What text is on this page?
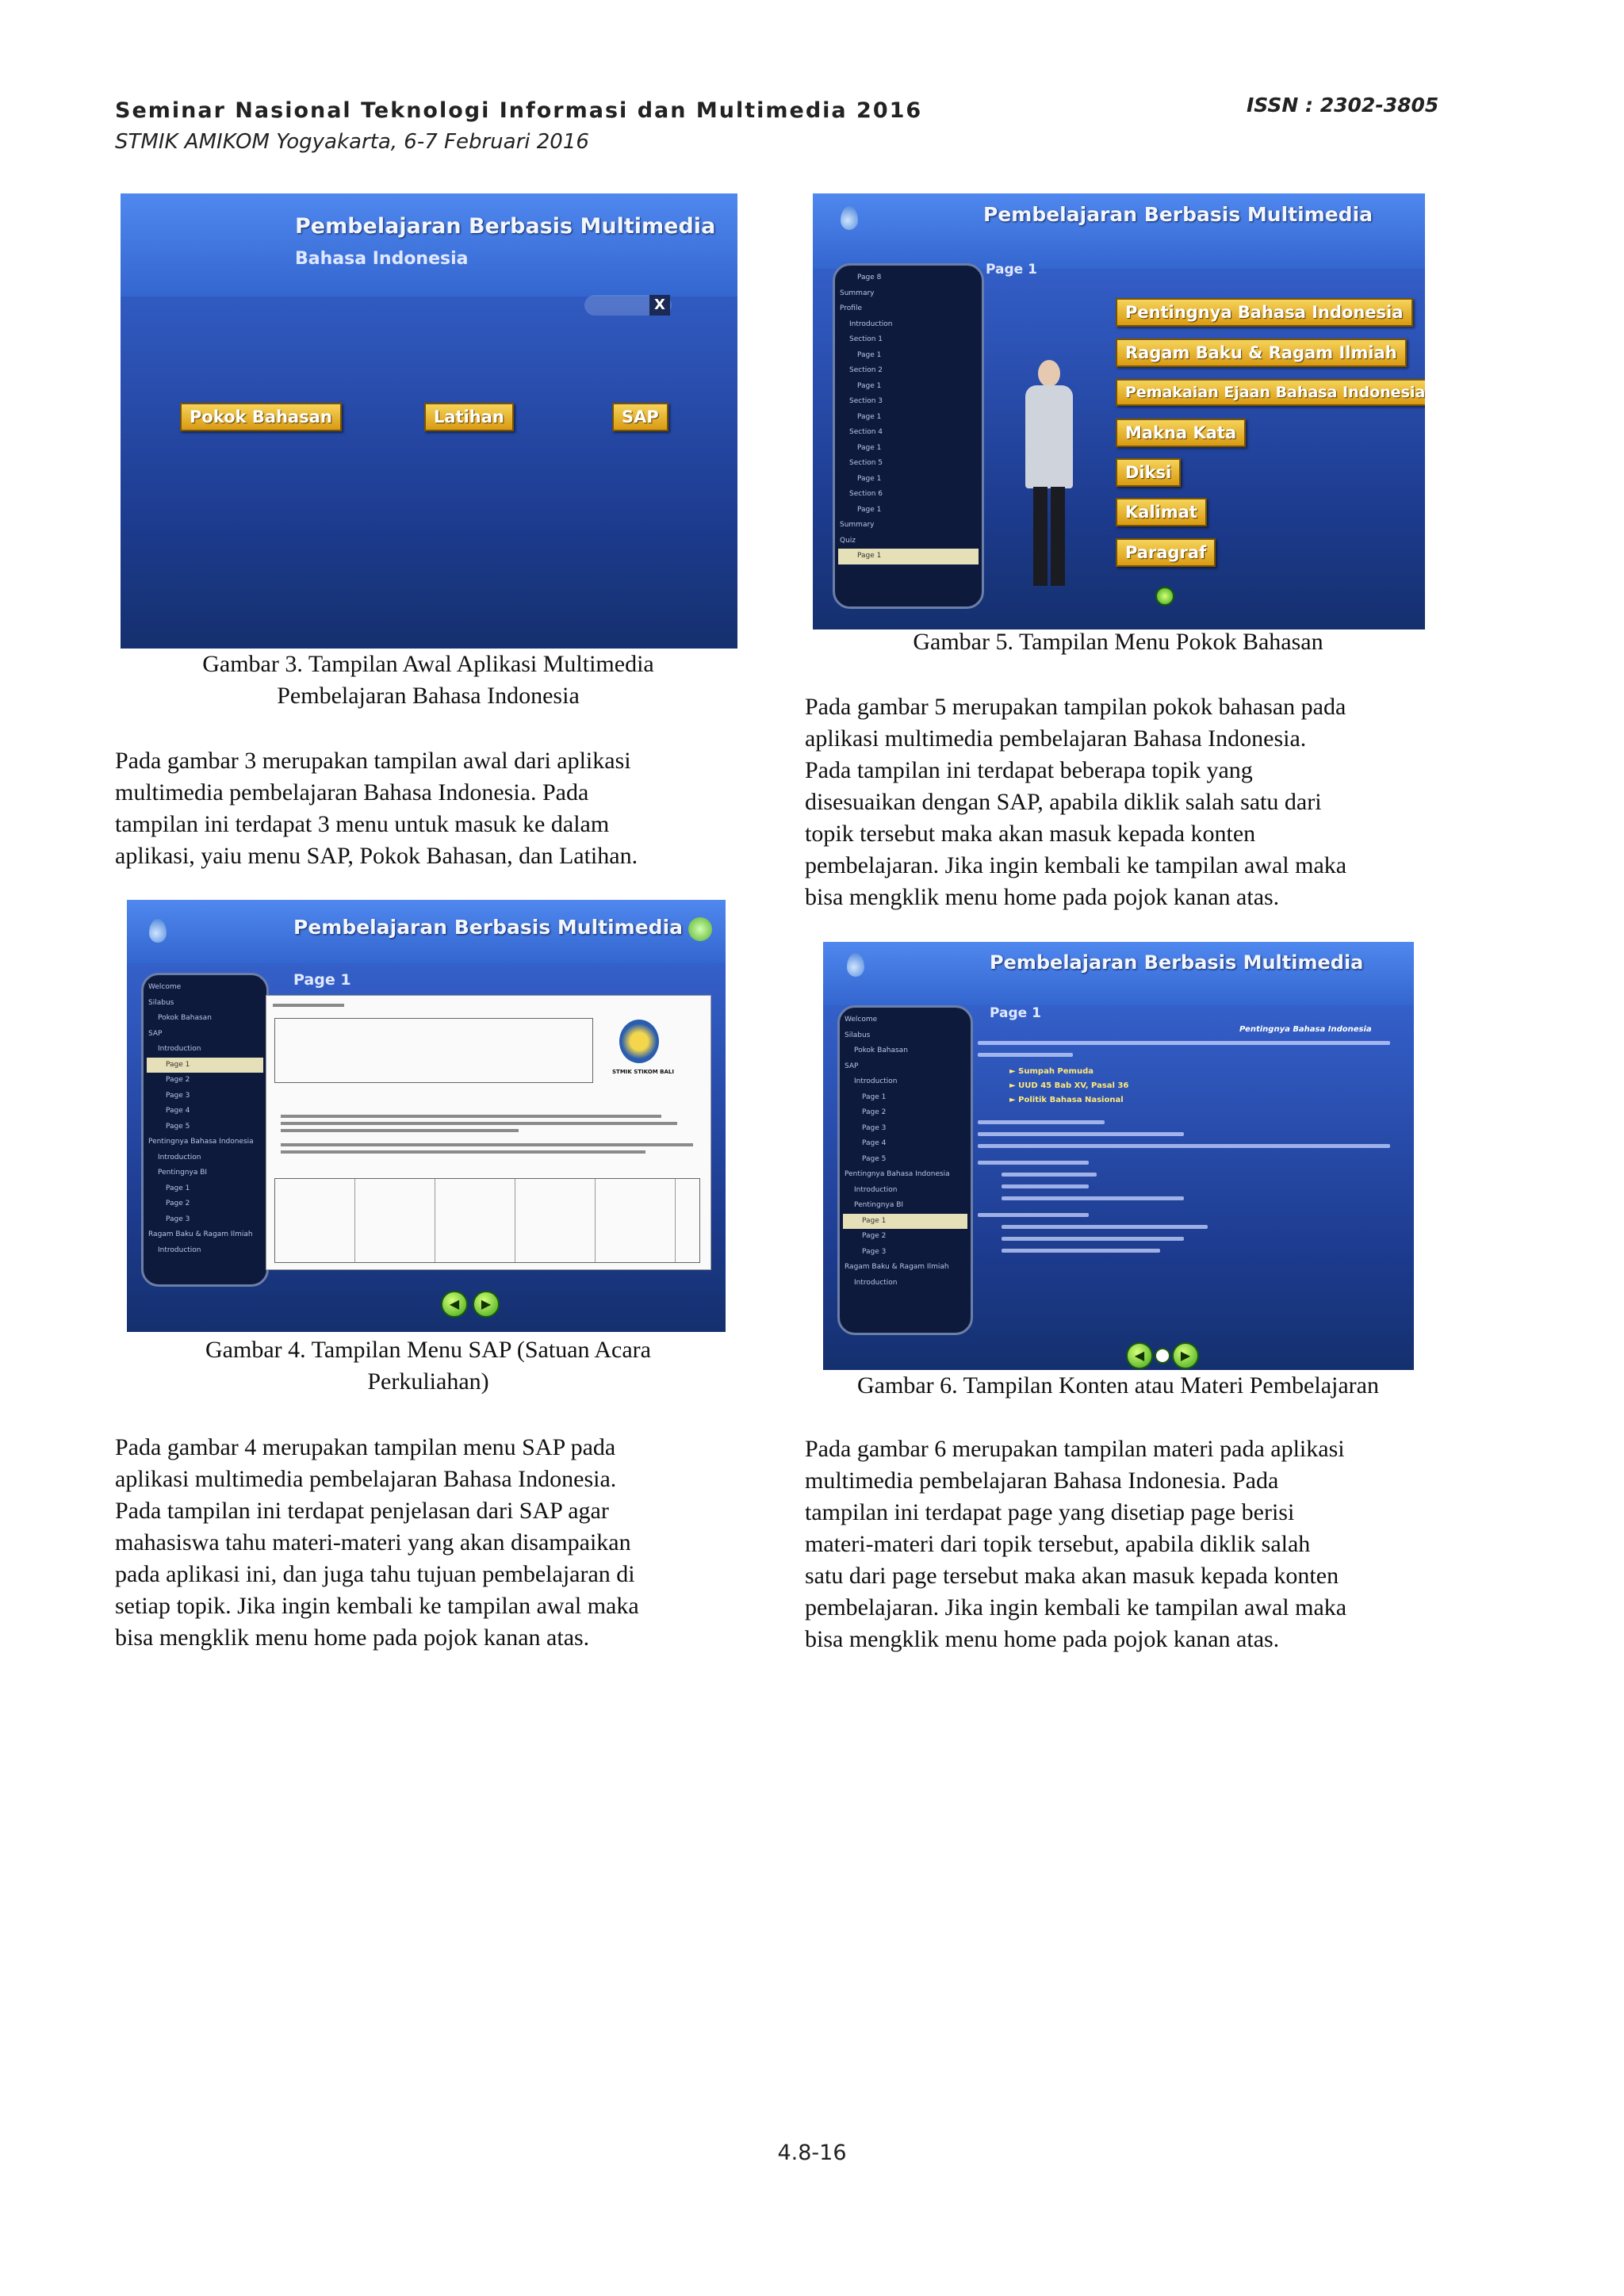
Seminar Nasional Teknologi Informasi dan Multimedia 2016
STMIK AMIKOM Yogyakarta, 6-7 Februari 2016
ISSN : 2302-3805
Pembelajaran Berbasis Multimedia
Bahasa Indonesia
X
Pokok Bahasan	Latihan	SAP
Gambar 3. Tampilan Awal Aplikasi Multimedia
Pembelajaran Bahasa Indonesia
Pada gambar 3 merupakan tampilan awal dari aplikasi
multimedia pembelajaran Bahasa Indonesia. Pada
tampilan ini terdapat 3 menu untuk masuk ke dalam
aplikasi, yaiu menu SAP, Pokok Bahasan, dan Latihan.
Pembelajaran Berbasis Multimedia
Page 1
Welcome
Silabus
Pokok Bahasan
SAP
Introduction
Page 1
Page 2
Page 3
Page 4
Page 5
Pentingnya Bahasa Indonesia
Introduction
Pentingnya BI
Page 1
Page 2
Page 3
Ragam Baku & Ragam Ilmiah
Introduction
STMIK STIKOM BALI
◀	▶
Gambar 4. Tampilan Menu SAP (Satuan Acara
Perkuliahan)
Pada gambar 4 merupakan tampilan menu SAP pada
aplikasi multimedia pembelajaran Bahasa Indonesia.
Pada tampilan ini terdapat penjelasan dari SAP agar
mahasiswa tahu materi-materi yang akan disampaikan
pada aplikasi ini, dan juga tahu tujuan pembelajaran di
setiap topik. Jika ingin kembali ke tampilan awal maka
bisa mengklik menu home pada pojok kanan atas.
Pembelajaran Berbasis Multimedia
Page 1
Page 8
Summary
Profile
Introduction
Section 1
Page 1
Section 2
Page 1
Section 3
Page 1
Section 4
Page 1
Section 5
Page 1
Section 6
Page 1
Summary
Quiz
Page 1
Pentingnya Bahasa Indonesia
Ragam Baku & Ragam Ilmiah
Pemakaian Ejaan Bahasa Indonesia
Makna Kata
Diksi
Kalimat
Paragraf
Gambar 5. Tampilan Menu Pokok Bahasan
Pada gambar 5 merupakan tampilan pokok bahasan pada
aplikasi multimedia pembelajaran Bahasa Indonesia.
Pada tampilan ini terdapat beberapa topik yang
disesuaikan dengan SAP, apabila diklik salah satu dari
topik tersebut maka akan masuk kepada konten
pembelajaran. Jika ingin kembali ke tampilan awal maka
bisa mengklik menu home pada pojok kanan atas.
Pembelajaran Berbasis Multimedia
Page 1
Welcome
Silabus
Pokok Bahasan
SAP
Introduction
Page 1
Page 2
Page 3
Page 4
Page 5
Pentingnya Bahasa Indonesia
Introduction
Pentingnya BI
Page 1
Page 2
Page 3
Ragam Baku & Ragam Ilmiah
Introduction
Pentingnya Bahasa Indonesia
► Sumpah Pemuda
► UUD 45 Bab XV, Pasal 36
► Politik Bahasa Nasional
◀	▶
Gambar 6. Tampilan Konten atau Materi Pembelajaran
Pada gambar 6 merupakan tampilan materi pada aplikasi
multimedia pembelajaran Bahasa Indonesia. Pada
tampilan ini terdapat page yang disetiap page berisi
materi-materi dari topik tersebut, apabila diklik salah
satu dari page tersebut maka akan masuk kepada konten
pembelajaran. Jika ingin kembali ke tampilan awal maka
bisa mengklik menu home pada pojok kanan atas.
4.8-16
